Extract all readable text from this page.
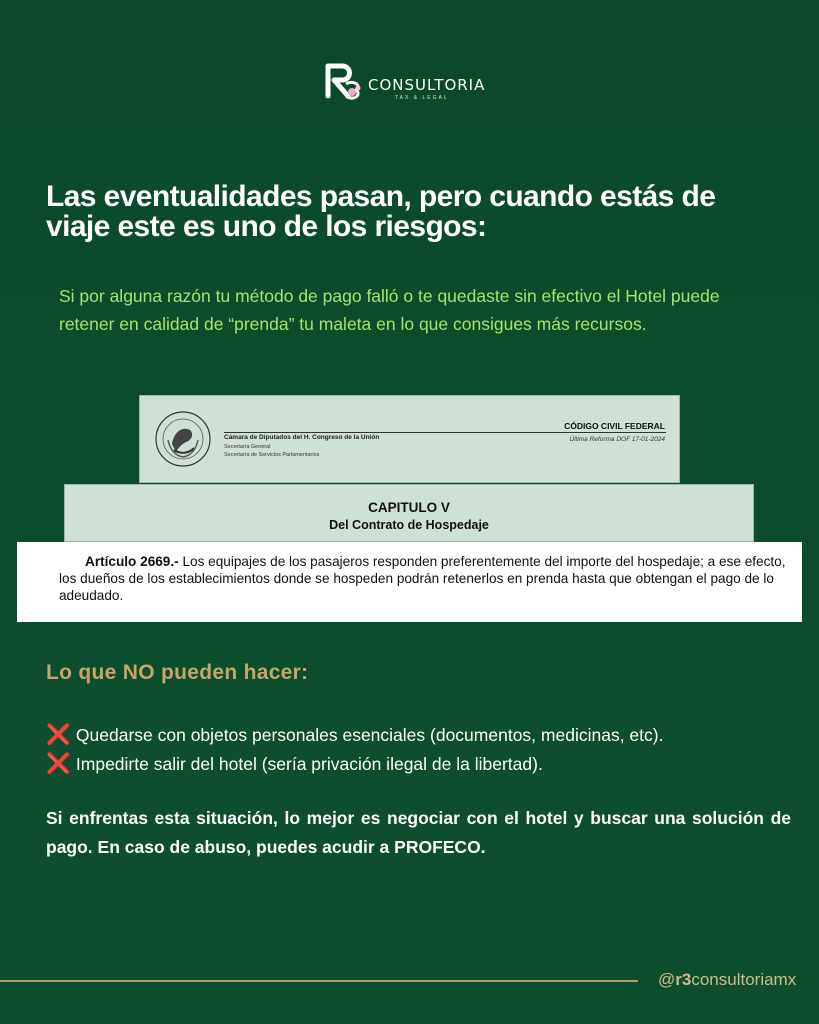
CONSULTORIA
TAX & LEGAL
Las eventualidades pasan, pero cuando estás de viaje este es uno de los riesgos:

Si por alguna razón tu método de pago falló o te quedaste sin efectivo el Hotel puede retener en calidad de “prenda” tu maleta en lo que consigues más recursos.

Cámara de Diputados del H. Congreso de la Unión
Secretaría General
Secretaría de Servicios Parlamentarios
CÓDIGO CIVIL FEDERAL
Última Reforma DOF 17-01-2024
CAPITULO V
Del Contrato de Hospedaje

Artículo 2669.- Los equipajes de los pasajeros responden preferentemente del importe del hospedaje; a ese efecto, los dueños de los establecimientos donde se hospeden podrán retenerlos en prenda hasta que obtengan el pago de lo adeudado.

Lo que NO pueden hacer:
❌ Quedarse con objetos personales esenciales (documentos, medicinas, etc).
❌ Impedirte salir del hotel (sería privación ilegal de la libertad).

Si enfrentas esta situación, lo mejor es negociar con el hotel y buscar una solución de pago. En caso de abuso, puedes acudir a PROFECO.

@r3consultoriamx
